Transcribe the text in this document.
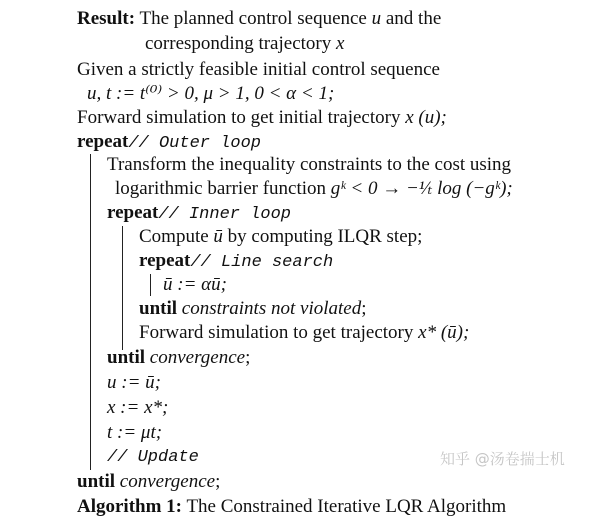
Result: The planned control sequence u and the
corresponding trajectory x
Given a strictly feasible initial control sequence
u, t := t⁽⁰⁾ > 0, μ > 1, 0 < α < 1;
Forward simulation to get initial trajectory x (u);
repeat// Outer loop
Transform the inequality constraints to the cost using
logarithmic barrier function gᵏ < 0 → −¹⁄ₜ log (−gᵏ);
repeat// Inner loop
Compute ū by computing ILQR step;
repeat// Line search
ū := αū;
until constraints not violated;
Forward simulation to get trajectory x* (ū);
until convergence;
u := ū;
x := x*;
t := μt;
// Update
until convergence;
Algorithm 1: The Constrained Iterative LQR Algorithm
知乎 @汤卷揣士机
